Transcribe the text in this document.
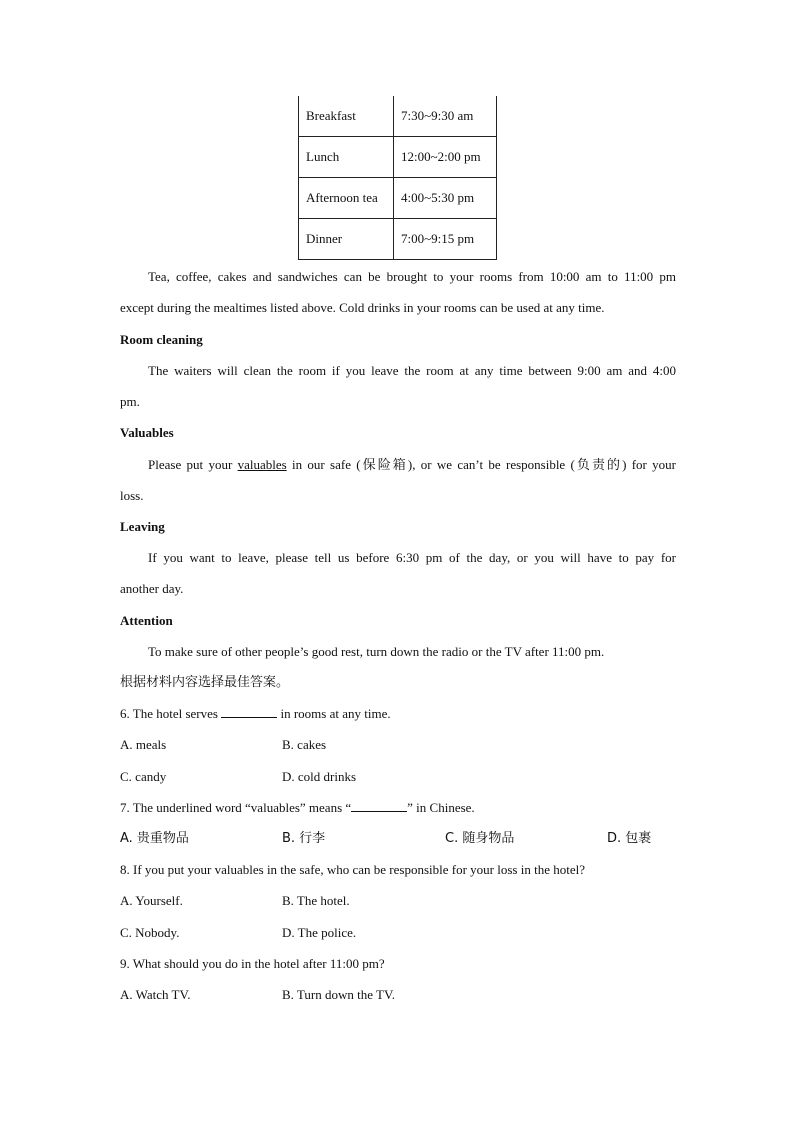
Breakfast	7:30~9:30 am
Lunch	12:00~2:00 pm
Afternoon tea	4:00~5:30 pm
Dinner	7:00~9:15 pm
Tea, coffee, cakes and sandwiches can be brought to your rooms from 10:00 am to 11:00 pm
except during the mealtimes listed above. Cold drinks in your rooms can be used at any time.
Room cleaning
The waiters will clean the room if you leave the room at any time between 9:00 am and 4:00
pm.
Valuables
Please put your valuables in our safe (保险箱), or we can’t be responsible (负责的) for your
loss.
Leaving
If you want to leave, please tell us before 6:30 pm of the day, or you will have to pay for
another day.
Attention
To make sure of other people’s good rest, turn down the radio or the TV after 11:00 pm.
根据材料内容选择最佳答案。
6. The hotel serves	in rooms at any time.
A. meals	B. cakes
C. candy	D. cold drinks
7. The underlined word “valuables” means “	” in Chinese.
A. 贵重物品	B. 行李	C. 随身物品	D. 包裹
8. If you put your valuables in the safe, who can be responsible for your loss in the hotel?
A. Yourself.	B. The hotel.
C. Nobody.	D. The police.
9. What should you do in the hotel after 11:00 pm?
A. Watch TV.	B. Turn down the TV.
